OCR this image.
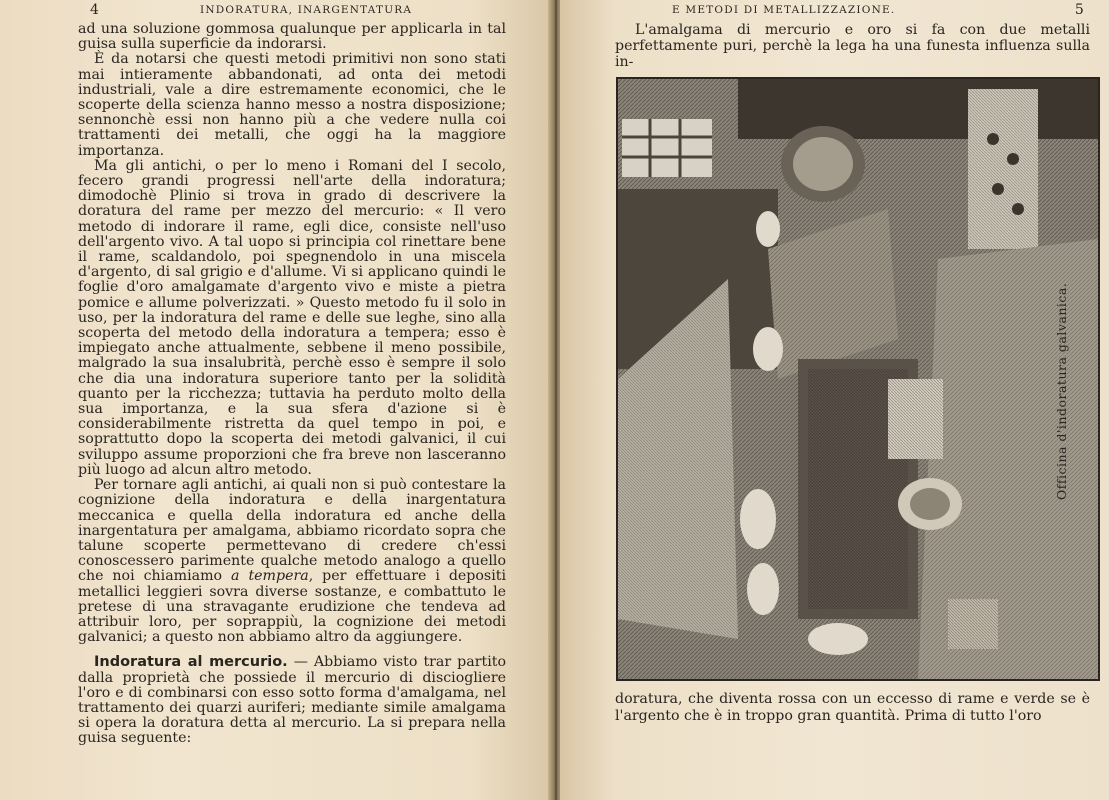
4	INDORATURA, INARGENTATURA

ad una soluzione gommosa qualunque per applicarla in tal guisa sulla superficie da indorarsi.

È da notarsi che questi metodi primitivi non sono stati mai intieramente abbandonati, ad onta dei metodi industriali, vale a dire estremamente economici, che le scoperte della scienza hanno messo a nostra disposizione; sennonchè essi non hanno più a che vedere nulla coi trattamenti dei metalli, che oggi ha la maggiore importanza.

Ma gli antichi, o per lo meno i Romani del I secolo, fecero grandi progressi nell'arte della indoratura; dimodochè Plinio si trova in grado di descrivere la doratura del rame per mezzo del mercurio: « Il vero metodo di indorare il rame, egli dice, consiste nell'uso dell'argento vivo. A tal uopo si principia col rinettare bene il rame, scaldandolo, poi spegnendolo in una miscela d'argento, di sal grigio e d'allume. Vi si applicano quindi le foglie d'oro amalgamate d'argento vivo e miste a pietra pomice e allume polverizzati. » Questo metodo fu il solo in uso, per la indoratura del rame e delle sue leghe, sino alla scoperta del metodo della indoratura a tempera; esso è impiegato anche attualmente, sebbene il meno possibile, malgrado la sua insalubrità, perchè esso è sempre il solo che dia una indoratura superiore tanto per la solidità quanto per la ricchezza; tuttavia ha perduto molto della sua importanza, e la sua sfera d'azione si è considerabilmente ristretta da quel tempo in poi, e soprattutto dopo la scoperta dei metodi galvanici, il cui sviluppo assume proporzioni che fra breve non lasceranno più luogo ad alcun altro metodo.

Per tornare agli antichi, ai quali non si può contestare la cognizione della indoratura e della inargentatura meccanica e quella della indoratura ed anche della inargentatura per amalgama, abbiamo ricordato sopra che talune scoperte permettevano di credere ch'essi conoscessero parimente qualche metodo analogo a quello che noi chiamiamo a tempera, per effettuare i depositi metallici leggieri sovra diverse sostanze, e combattuto le pretese di una stravagante erudizione che tendeva ad attribuir loro, per soprappiù, la cognizione dei metodi galvanici; a questo non abbiamo altro da aggiungere.

Indoratura al mercurio. — Abbiamo visto trar partito dalla proprietà che possiede il mercurio di disciogliere l'oro e di combinarsi con esso sotto forma d'amalgama, nel trattamento dei quarzi auriferi; mediante simile amalgama si opera la doratura detta al mercurio. La si prepara nella guisa seguente:

E METODI DI METALLIZZAZIONE.	5

L'amalgama di mercurio e oro si fa con due metalli perfettamente puri, perchè la lega ha una funesta influenza sulla in-

Officina d'indoratura galvanica.

doratura, che diventa rossa con un eccesso di rame e verde se è l'argento che è in troppo gran quantità. Prima di tutto l'oro
